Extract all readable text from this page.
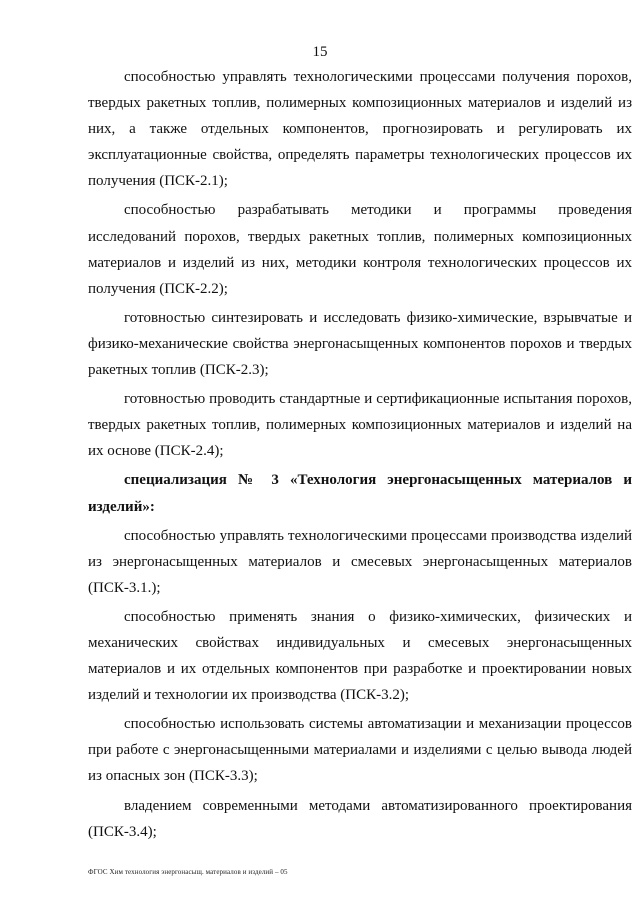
15

способностью управлять технологическими процессами получения порохов, твердых ракетных топлив, полимерных композиционных материалов и изделий из них, а также отдельных компонентов, прогнозировать и регулировать их эксплуатационные свойства, определять параметры технологических процессов их получения (ПСК-2.1);

способностью разрабатывать методики и программы проведения исследований порохов, твердых ракетных топлив, полимерных композиционных материалов и изделий из них, методики контроля технологических процессов их получения (ПСК-2.2);

готовностью синтезировать и исследовать физико-химические, взрывчатые и физико-механические свойства энергонасыщенных компонентов порохов и твердых ракетных топлив (ПСК-2.3);

готовностью проводить стандартные и сертификационные испытания порохов, твердых ракетных топлив, полимерных композиционных материалов и изделий на их основе (ПСК-2.4);

специализация № 3 «Технология энергонасыщенных материалов и изделий»:

способностью управлять технологическими процессами производства изделий из энергонасыщенных материалов и смесевых энергонасыщенных материалов (ПСК-3.1.);

способностью применять знания о физико-химических, физических и механических свойствах индивидуальных и смесевых энергонасыщенных материалов и их отдельных компонентов при разработке и проектировании новых изделий и технологии их производства (ПСК-3.2);

способностью использовать системы автоматизации и механизации процессов при работе с энергонасыщенными материалами и изделиями с целью вывода людей из опасных зон (ПСК-3.3);

владением современными методами автоматизированного проектирования (ПСК-3.4);

ФГОС Хим технология энергонасыщ. материалов и изделий – 05
